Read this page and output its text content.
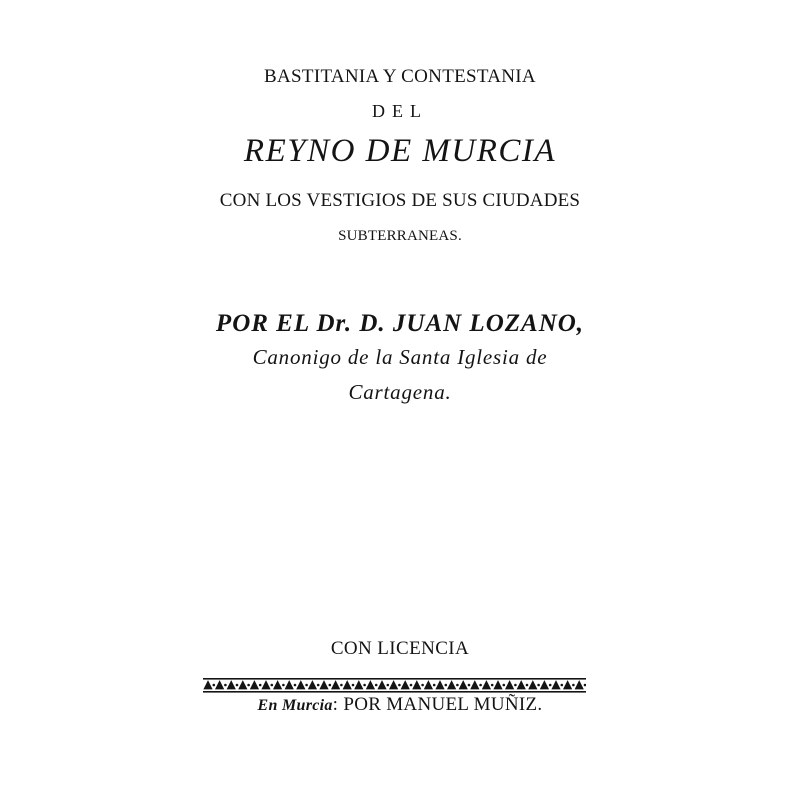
BASTITANIA Y CONTESTANIA
DEL
REYNO DE MURCIA
CON LOS VESTIGIOS DE SUS CIUDADES
SUBTERRANEAS.
POR EL Dr. D. JUAN LOZANO,
Canonigo de la Santa Iglesia de
Cartagena.
CON LICENCIA
En Murcia: POR MANUEL MUÑIZ.
